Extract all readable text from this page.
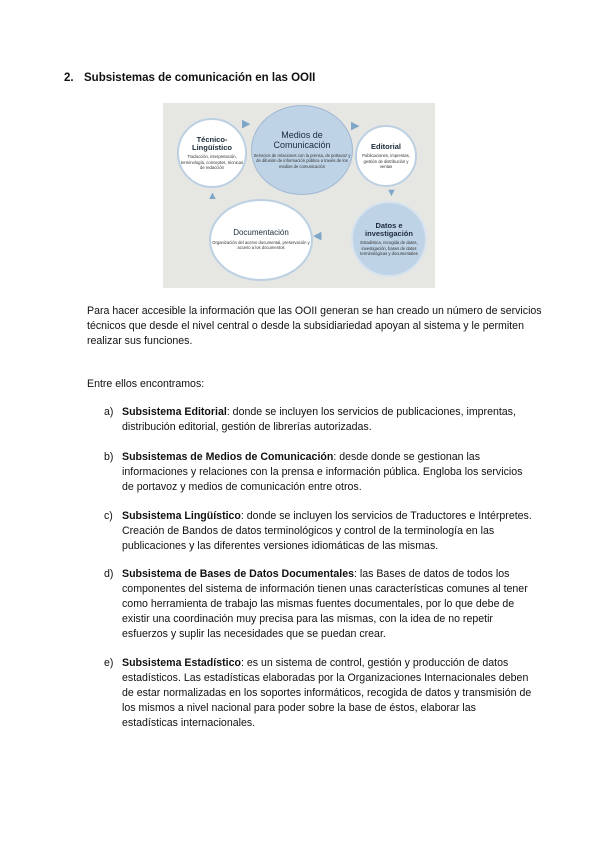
2. Subsistemas de comunicación en las OOII
Técnico-Lingüístico
Traducción, interpretación, terminología, conceptos, técnicas de redacción
Medios de Comunicación
Servicios de relaciones con la prensa, de portavoz y de difusión de información pública a través de los medios de comunicación
Editorial
Publicaciones, imprentas, gestión de distribución y ventas
Datos e investigación
Estadística, recogida de datos, investigación, bases de datos terminológicas y documentales
Documentación
Organización del acervo documental, preservación y acceso a los documentos
▶	▶
▼
◀
▲
Para hacer accesible la información que las OOII generan se han creado un número de servicios técnicos que desde el nivel central o desde la subsidiariedad apoyan al sistema y le permiten realizar sus funciones.
Entre ellos encontramos:
a) Subsistema Editorial: donde se incluyen los servicios de publicaciones, imprentas, distribución editorial, gestión de librerías autorizadas.
b) Subsistemas de Medios de Comunicación: desde donde se gestionan las informaciones y relaciones con la prensa e información pública. Engloba los servicios de portavoz y medios de comunicación entre otros.
c) Subsistema Lingüístico: donde se incluyen los servicios de Traductores e Intérpretes. Creación de Bandos de datos terminológicos y control de la terminología en las publicaciones y las diferentes versiones idiomáticas de las mismas.
d) Subsistema de Bases de Datos Documentales: las Bases de datos de todos los componentes del sistema de información tienen unas características comunes al tener como herramienta de trabajo las mismas fuentes documentales, por lo que debe de existir una coordinación muy precisa para las mismas, con la idea de no repetir esfuerzos y suplir las necesidades que se puedan crear.
e) Subsistema Estadístico: es un sistema de control, gestión y producción de datos estadísticos. Las estadísticas elaboradas por la Organizaciones Internacionales deben de estar normalizadas en los soportes informáticos, recogida de datos y transmisión de los mismos a nivel nacional para poder sobre la base de éstos, elaborar las estadísticas internacionales.
